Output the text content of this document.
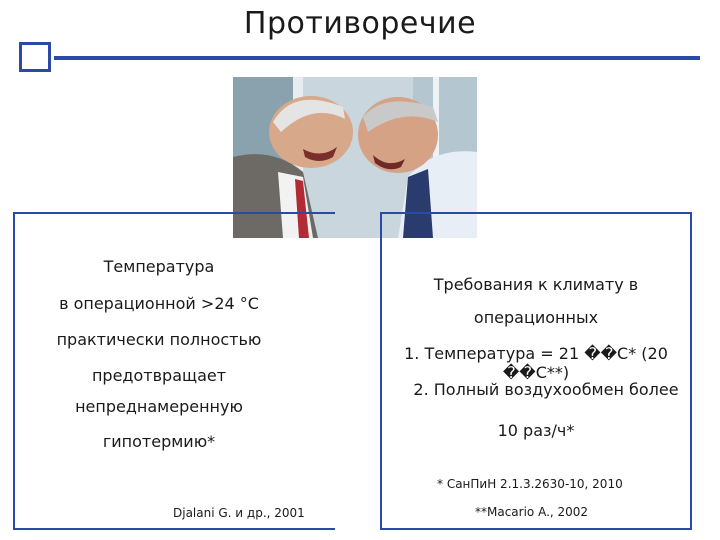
Противоречие
Температура
в операционной >24 °С
практически полностью
предотвращает
непреднамеренную
гипотермию*
Djalani G. и др., 2001
Требования к климату в
операционных
1. Температура = 21 ��С* (20 ��С**)
2. Полный воздухообмен более
10 раз/ч*
* СанПиН 2.1.3.2630-10, 2010
**Macario A., 2002
